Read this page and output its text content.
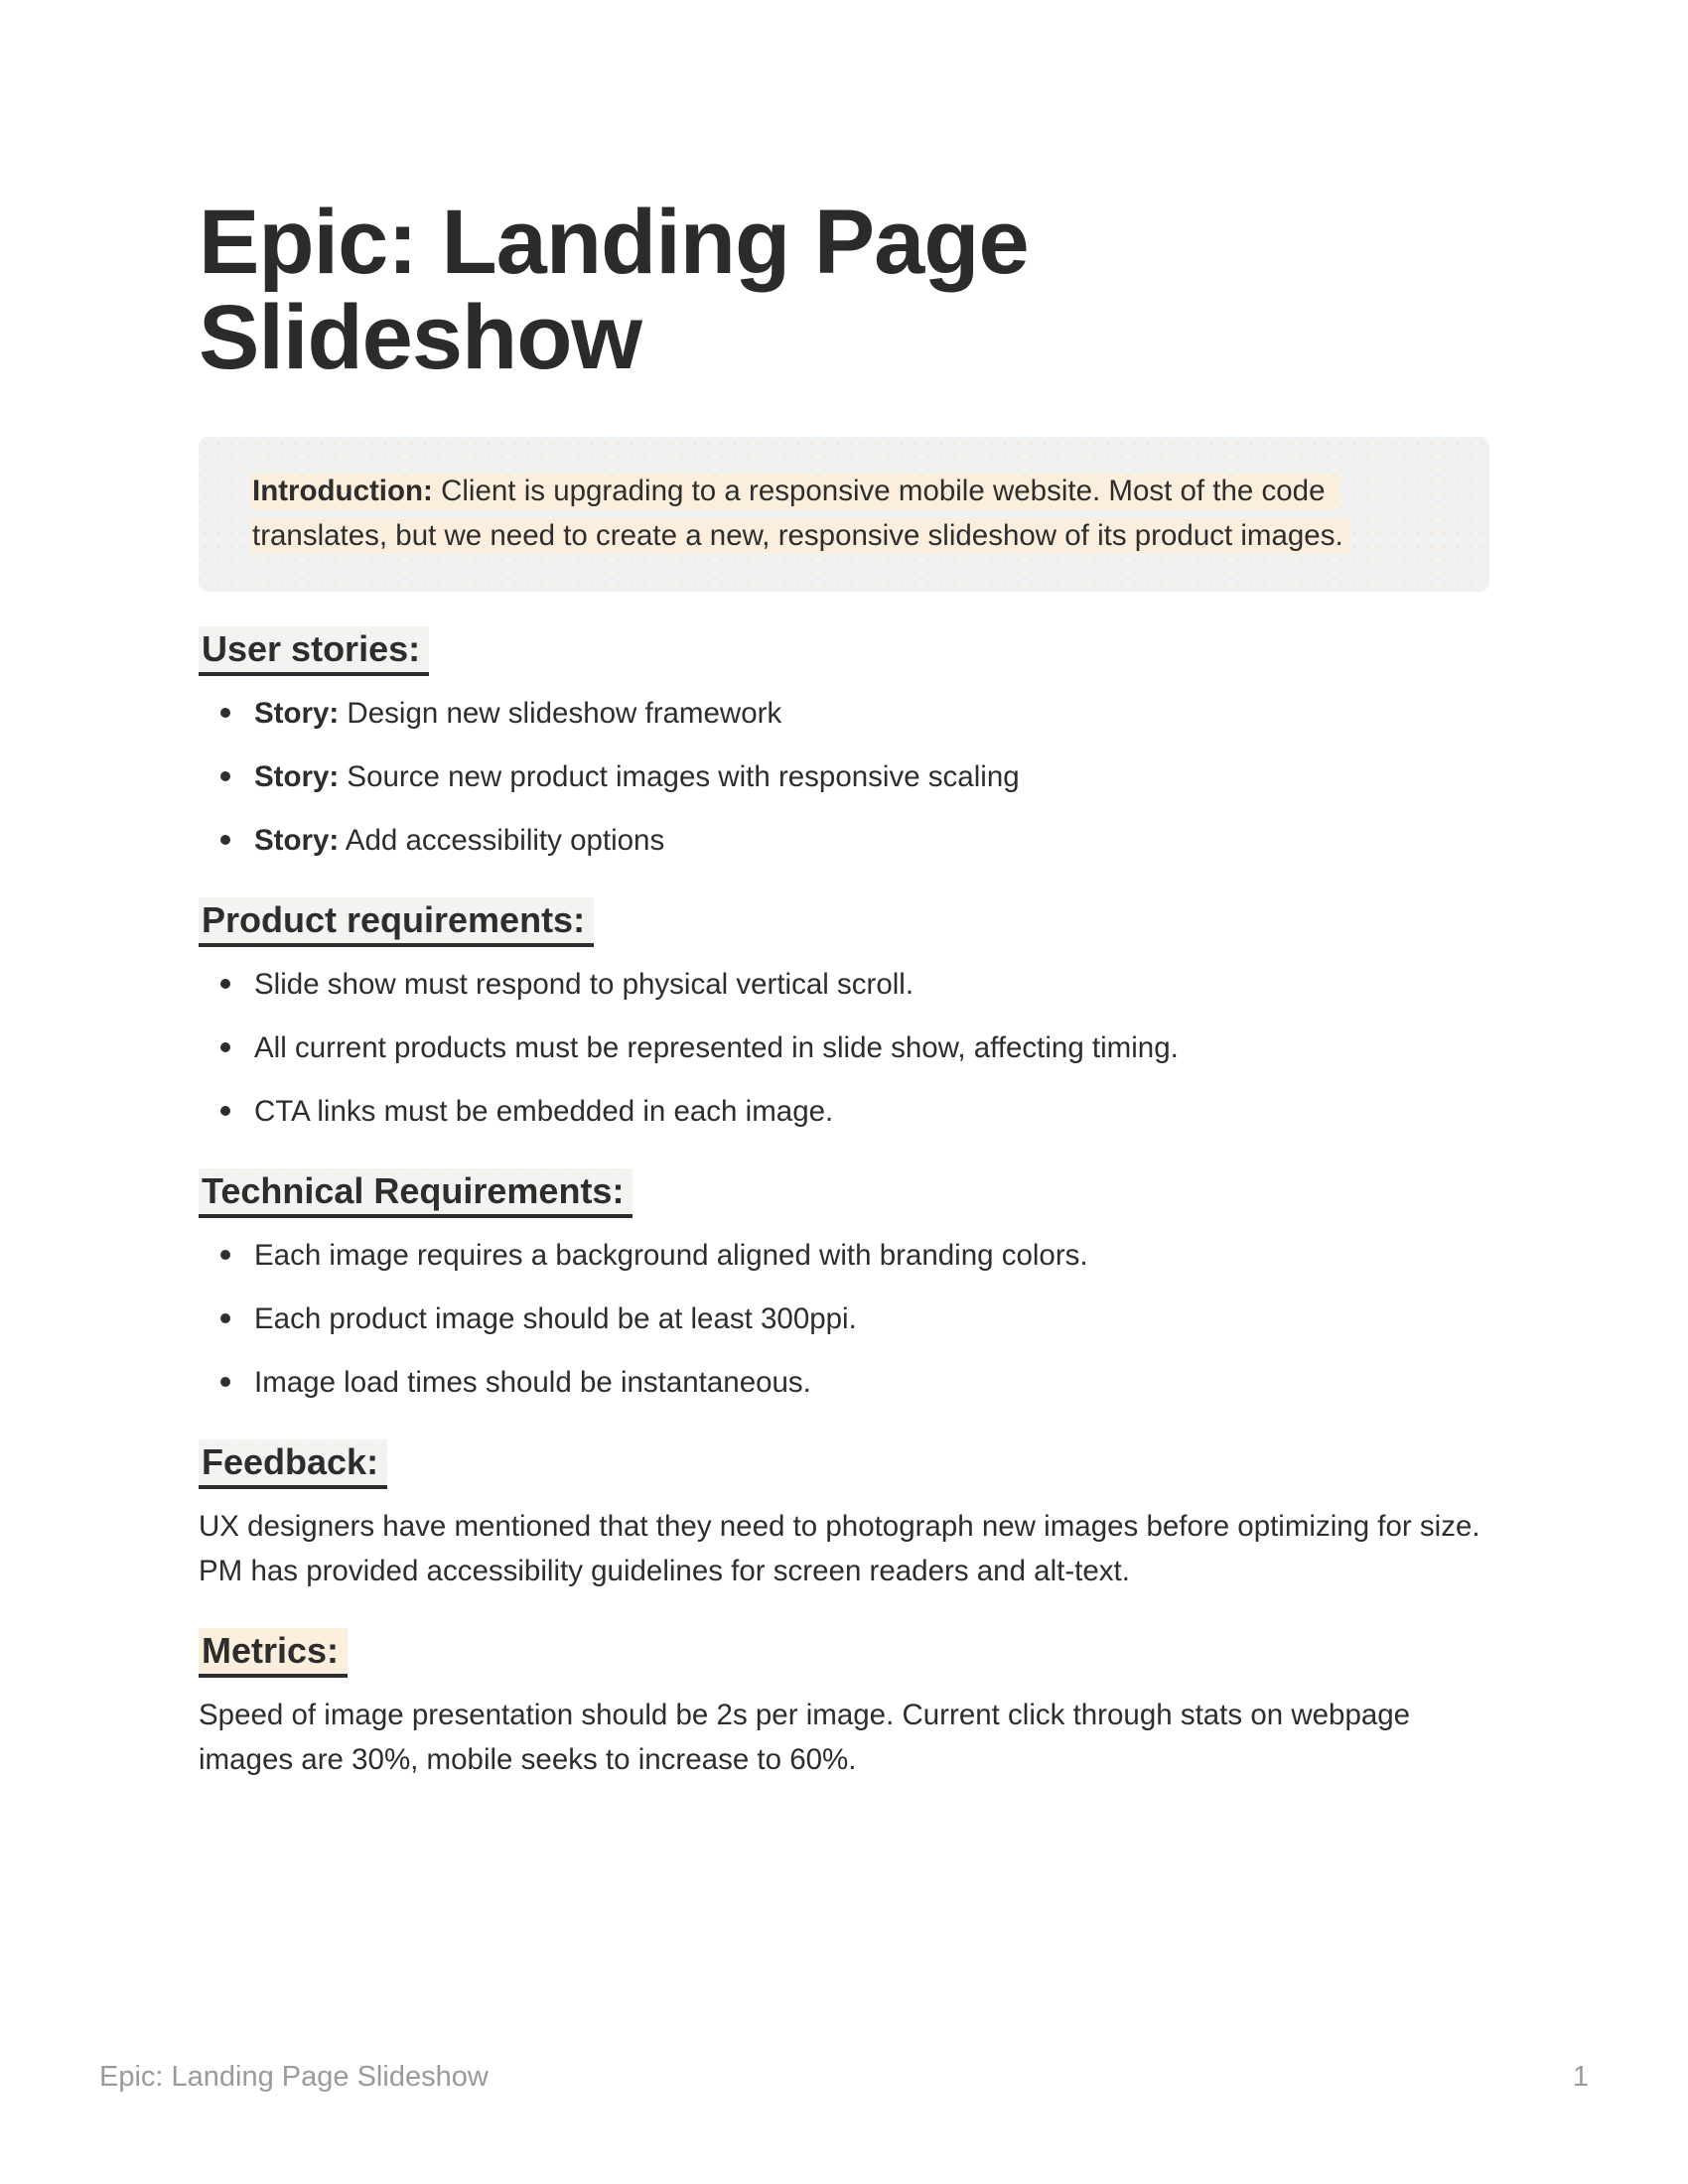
Epic: Landing Page Slideshow

Introduction: Client is upgrading to a responsive mobile website. Most of the code translates, but we need to create a new, responsive slideshow of its product images.

User stories:
Story: Design new slideshow framework
Story: Source new product images with responsive scaling
Story: Add accessibility options
Product requirements:
Slide show must respond to physical vertical scroll.
All current products must be represented in slide show, affecting timing.
CTA links must be embedded in each image.
Technical Requirements:
Each image requires a background aligned with branding colors.
Each product image should be at least 300ppi.
Image load times should be instantaneous.
Feedback:

UX designers have mentioned that they need to photograph new images before optimizing for size.  PM has provided accessibility guidelines for screen readers and alt-text.

Metrics:

Speed of image presentation should be 2s per image. Current click through stats on webpage images are 30%, mobile seeks to increase to 60%.

Epic: Landing Page Slideshow	1
